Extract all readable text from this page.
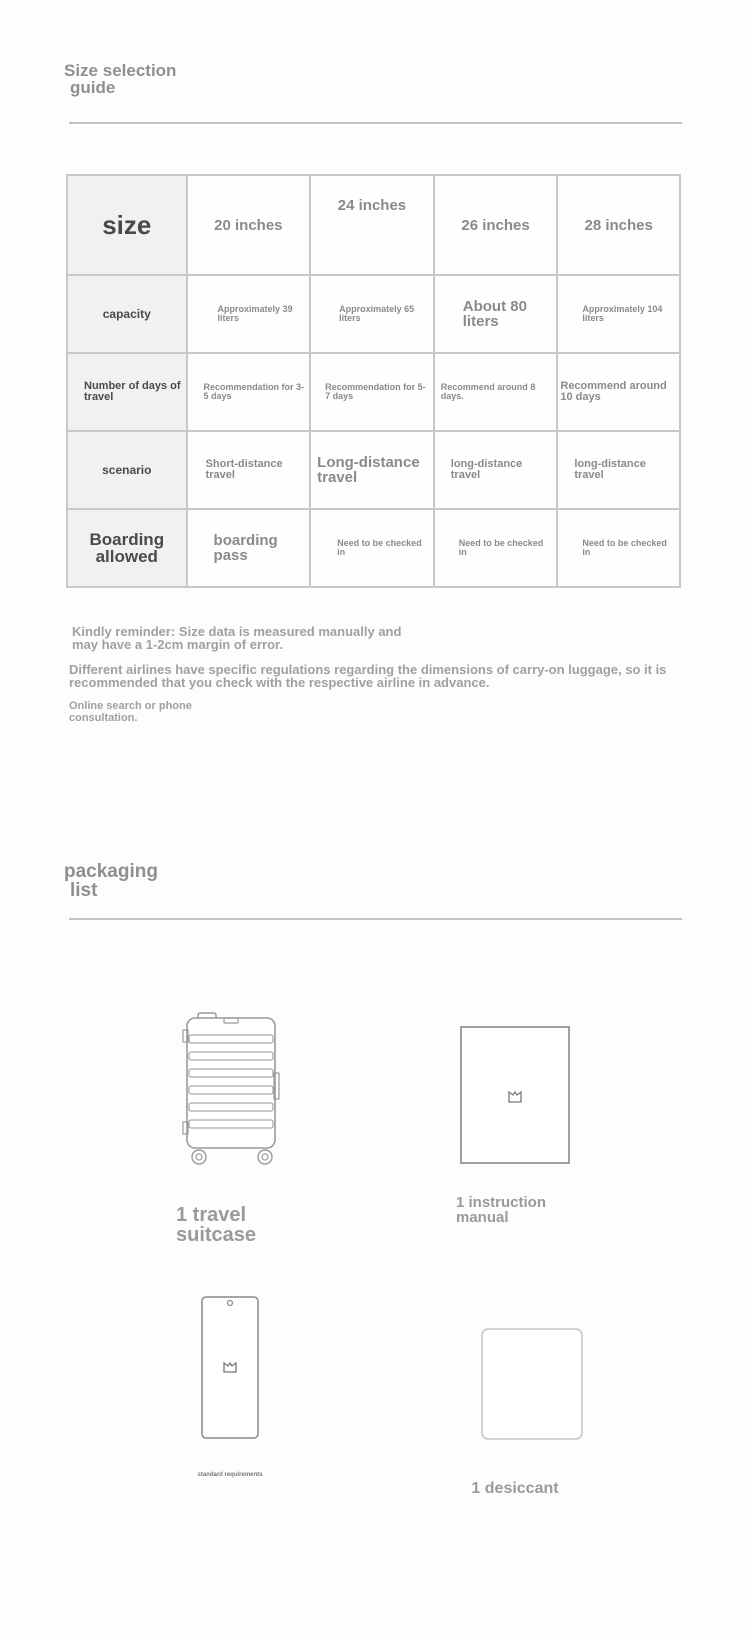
Size selection
guide
size	20 inches	24 inches	26 inches	28 inches
capacity	Approximately 39 liters	Approximately 65 liters	About 80 liters	Approximately 104 liters
Number of days of travel	Recommendation for 3-5 days	Recommendation for 5-7 days	Recommend around 8 days.	Recommend around 10 days
scenario	Short-distance travel	Long-distance travel	long-distance travel	long-distance travel
Boarding allowed	boarding pass	Need to be checked in	Need to be checked in	Need to be checked in
Kindly reminder: Size data is measured manually and may have a 1-2cm margin of error.
Different airlines have specific regulations regarding the dimensions of carry-on luggage, so it is recommended that you check with the respective airline in advance.
Online search or phone consultation.
packaging
list
1 travel suitcase
1 instruction manual
standard requirements
1 desiccant
